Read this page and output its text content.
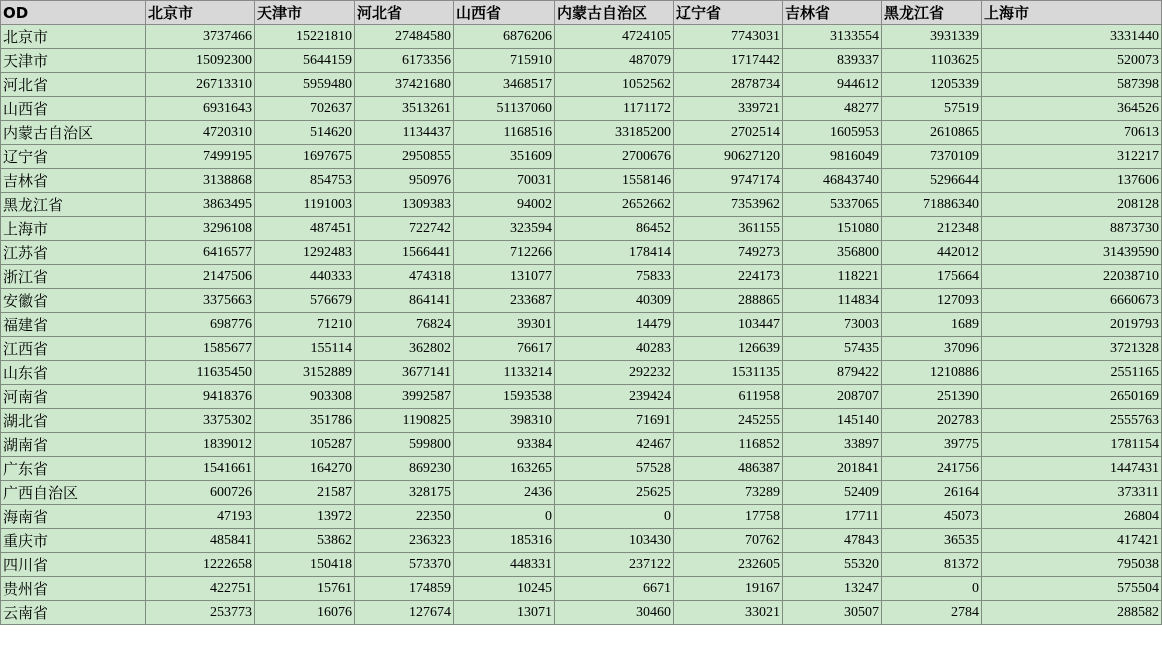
OD	北京市	天津市	河北省	山西省	内蒙古自治区	辽宁省	吉林省	黑龙江省	上海市
北京市	3737466	15221810	27484580	6876206	4724105	7743031	3133554	3931339	3331440
天津市	15092300	5644159	6173356	715910	487079	1717442	839337	1103625	520073
河北省	26713310	5959480	37421680	3468517	1052562	2878734	944612	1205339	587398
山西省	6931643	702637	3513261	51137060	1171172	339721	48277	57519	364526
内蒙古自治区	4720310	514620	1134437	1168516	33185200	2702514	1605953	2610865	70613
辽宁省	7499195	1697675	2950855	351609	2700676	90627120	9816049	7370109	312217
吉林省	3138868	854753	950976	70031	1558146	9747174	46843740	5296644	137606
黑龙江省	3863495	1191003	1309383	94002	2652662	7353962	5337065	71886340	208128
上海市	3296108	487451	722742	323594	86452	361155	151080	212348	8873730
江苏省	6416577	1292483	1566441	712266	178414	749273	356800	442012	31439590
浙江省	2147506	440333	474318	131077	75833	224173	118221	175664	22038710
安徽省	3375663	576679	864141	233687	40309	288865	114834	127093	6660673
福建省	698776	71210	76824	39301	14479	103447	73003	1689	2019793
江西省	1585677	155114	362802	76617	40283	126639	57435	37096	3721328
山东省	11635450	3152889	3677141	1133214	292232	1531135	879422	1210886	2551165
河南省	9418376	903308	3992587	1593538	239424	611958	208707	251390	2650169
湖北省	3375302	351786	1190825	398310	71691	245255	145140	202783	2555763
湖南省	1839012	105287	599800	93384	42467	116852	33897	39775	1781154
广东省	1541661	164270	869230	163265	57528	486387	201841	241756	1447431
广西自治区	600726	21587	328175	2436	25625	73289	52409	26164	373311
海南省	47193	13972	22350	0	0	17758	17711	45073	26804
重庆市	485841	53862	236323	185316	103430	70762	47843	36535	417421
四川省	1222658	150418	573370	448331	237122	232605	55320	81372	795038
贵州省	422751	15761	174859	10245	6671	19167	13247	0	575504
云南省	253773	16076	127674	13071	30460	33021	30507	2784	288582
